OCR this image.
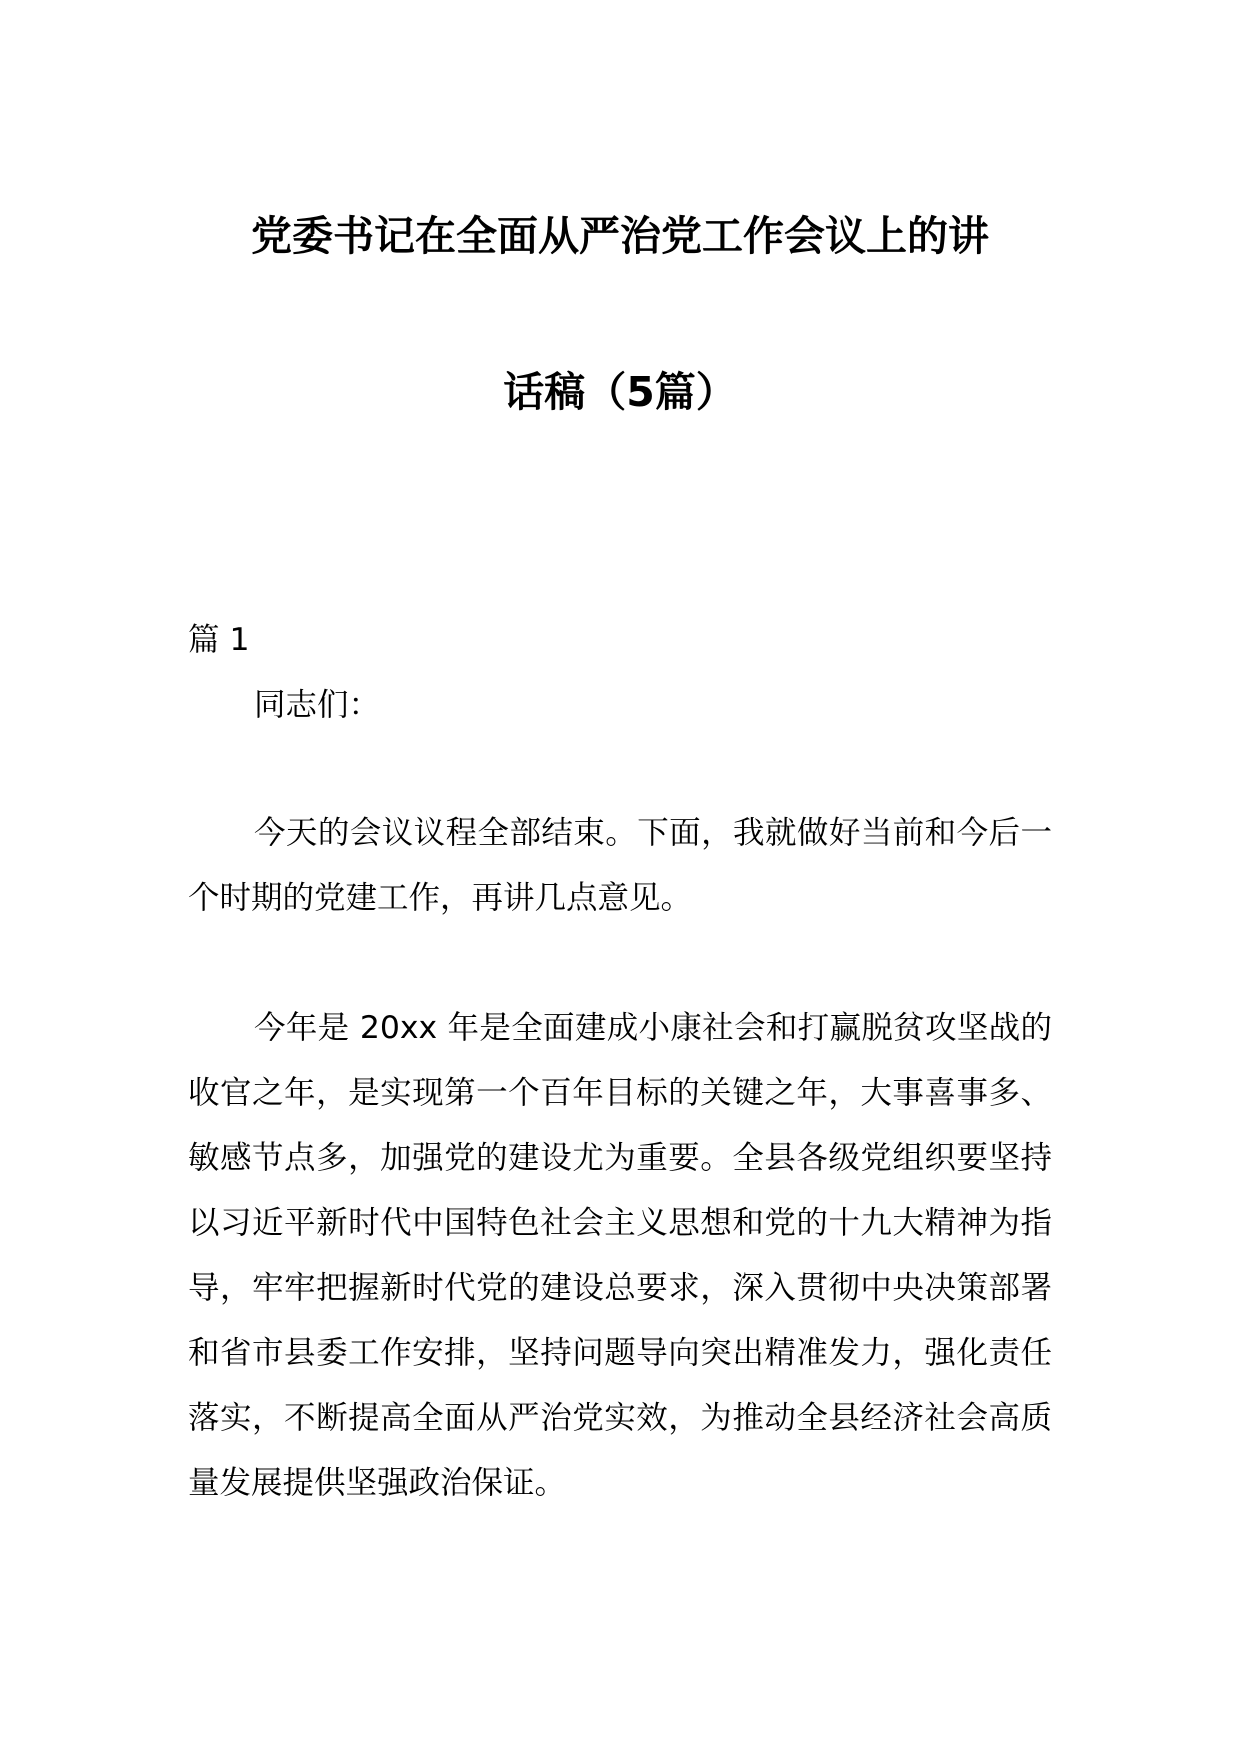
党委书记在全面从严治党工作会议上的讲
话稿（5篇）
篇 1
同志们：

今天的会议议程全部结束。下面，我就做好当前和今后一个时期的党建工作，再讲几点意见。

今年是 20xx 年是全面建成小康社会和打赢脱贫攻坚战的收官之年，是实现第一个百年目标的关键之年，大事喜事多、敏感节点多，加强党的建设尤为重要。全县各级党组织要坚持以习近平新时代中国特色社会主义思想和党的十九大精神为指导，牢牢把握新时代党的建设总要求，深入贯彻中央决策部署和省市县委工作安排，坚持问题导向突出精准发力，强化责任落实，不断提高全面从严治党实效，为推动全县经济社会高质量发展提供坚强政治保证。
